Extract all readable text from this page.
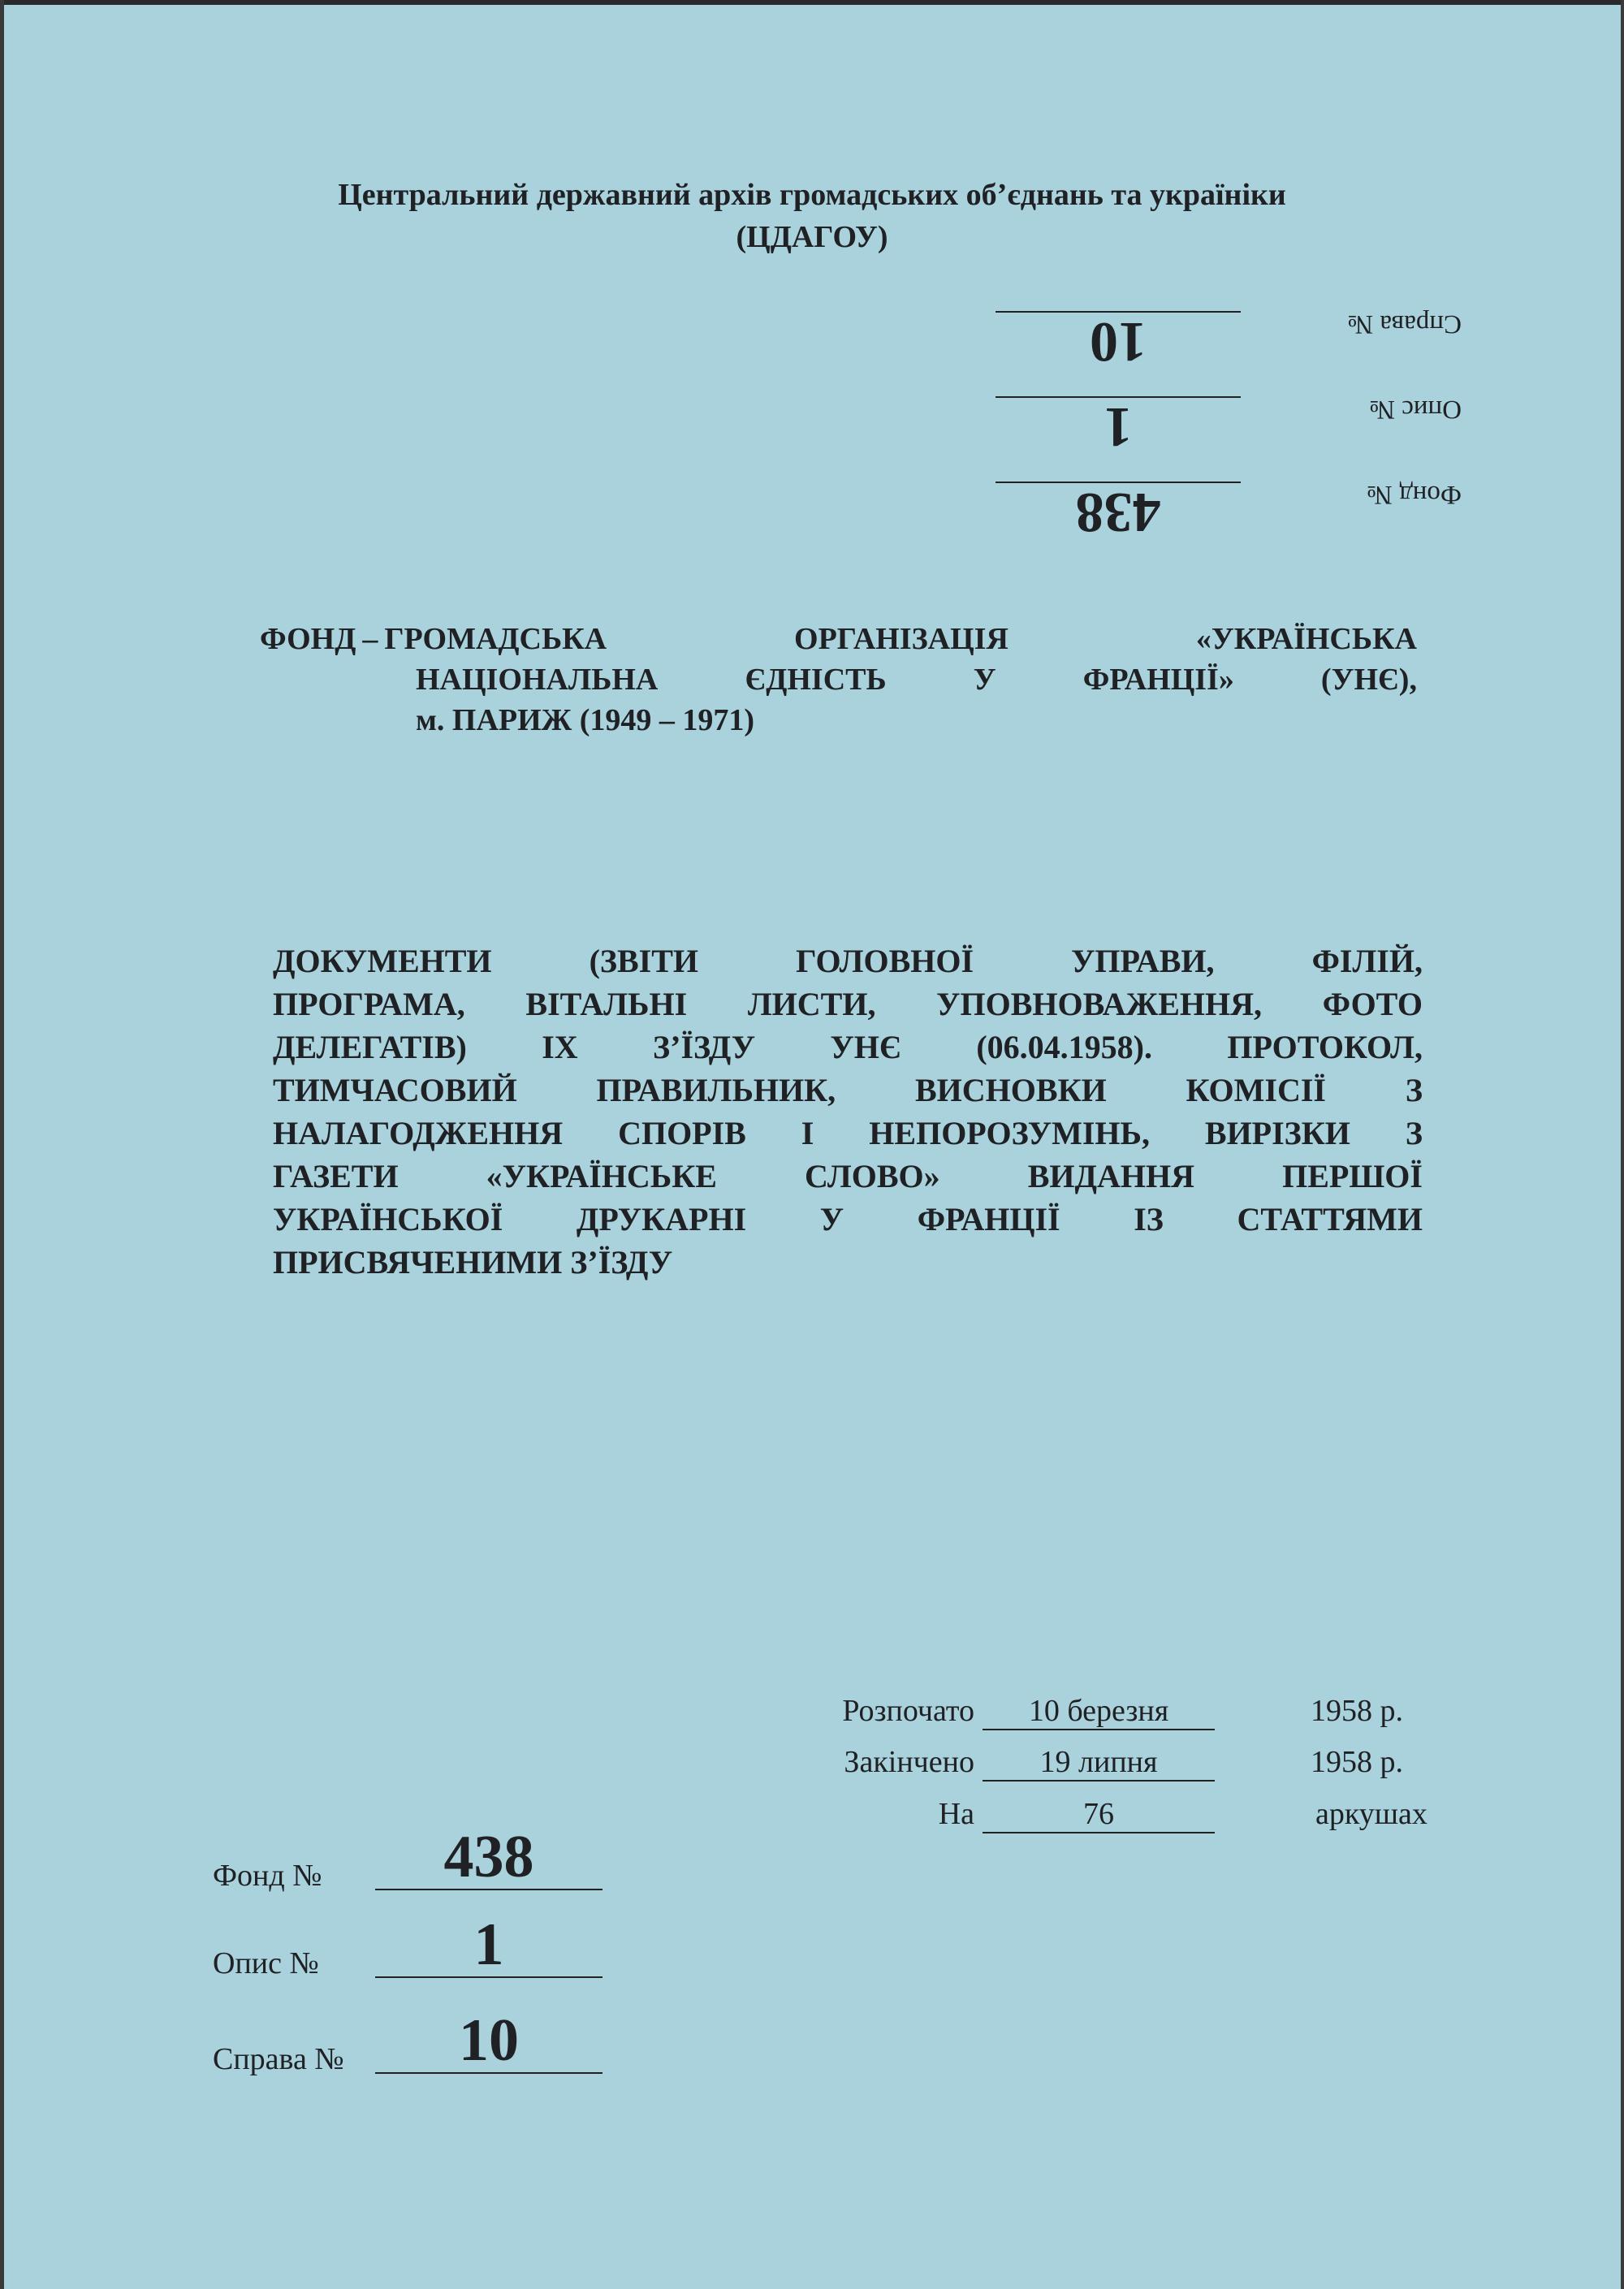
Центральний державний архів громадських об’єднань та україніки
(ЦДАГОУ)
Фонд №
438
Опис №
1
Справа №
10
ФОНД – ГРОМАДСЬКА	ОРГАНІЗАЦІЯ	«УКРАЇНСЬКА
НАЦІОНАЛЬНА	ЄДНІСТЬ	У	ФРАНЦІЇ»	(УНЄ),
м. ПАРИЖ (1949 – 1971)
ДОКУМЕНТИ	(ЗВІТИ	ГОЛОВНОЇ	УПРАВИ,	ФІЛІЙ,
ПРОГРАМА, ВІТАЛЬНІ ЛИСТИ, УПОВНОВАЖЕННЯ, ФОТО
ДЕЛЕГАТІВ) IX З’ЇЗДУ УНЄ (06.04.1958). ПРОТОКОЛ,
ТИМЧАСОВИЙ ПРАВИЛЬНИК, ВИСНОВКИ КОМІСІЇ З
НАЛАГОДЖЕННЯ СПОРІВ І НЕПОРОЗУМІНЬ, ВИРІЗКИ З
ГАЗЕТИ	«УКРАЇНСЬКЕ	СЛОВО»	ВИДАННЯ	ПЕРШОЇ
УКРАЇНСЬКОЇ ДРУКАРНІ У ФРАНЦІЇ ІЗ СТАТТЯМИ
ПРИСВЯЧЕНИМИ З’ЇЗДУ
Розпочато	10 березня	1958 р.
Закінчено	19 липня	1958 р.
На	76	аркушах
Фонд №	438
Опис №	1
Справа №	10
